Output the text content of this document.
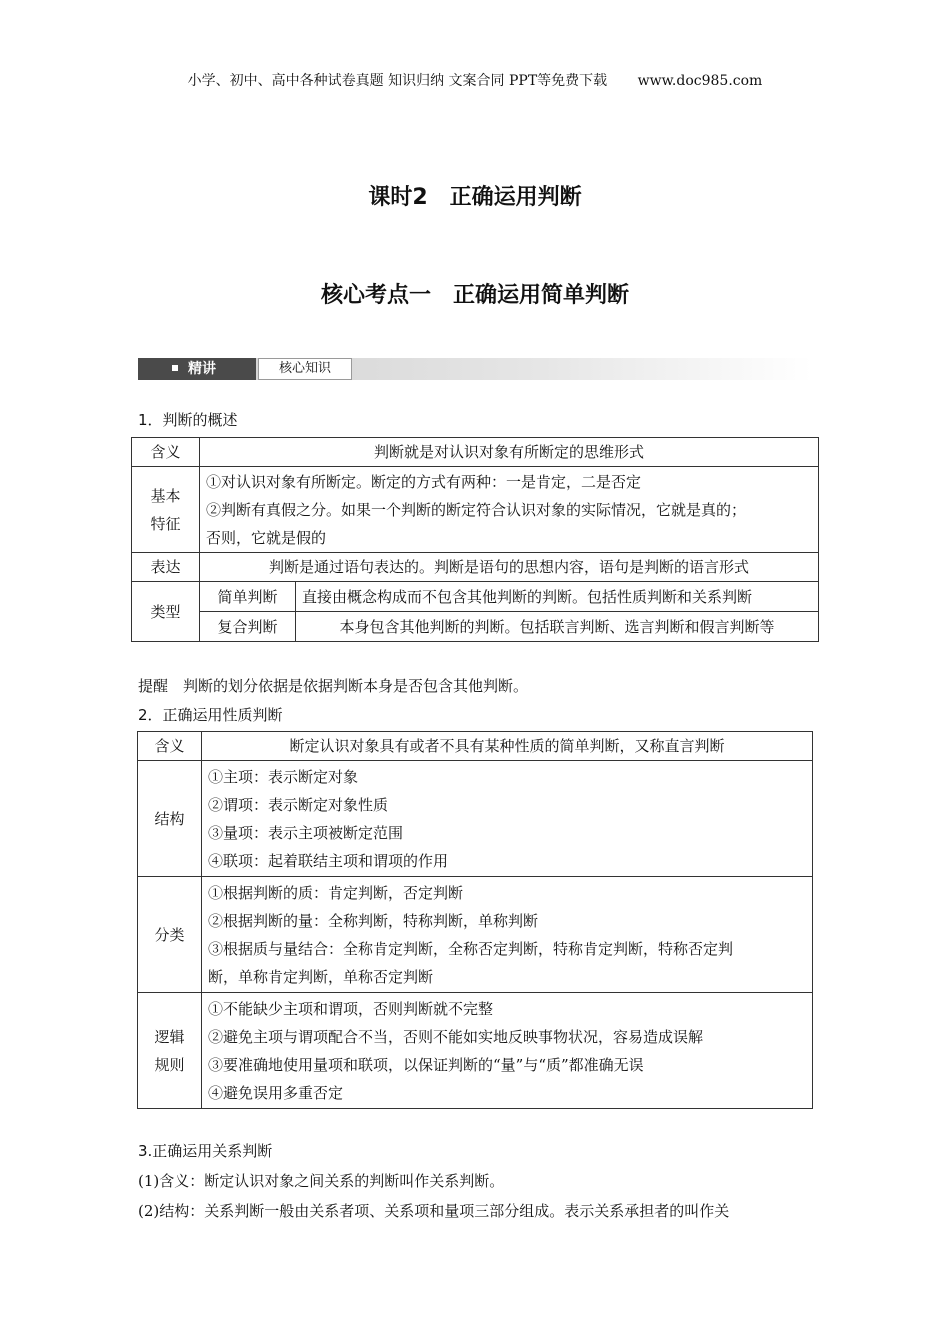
小学、初中、高中各种试卷真题 知识归纳 文案合同 PPT等免费下载 www.doc985.com
课时2　正确运用判断
核心考点一　正确运用简单判断
精讲	核心知识
1．判断的概述
含义	判断就是对认识对象有所断定的思维形式	

基本
特征	①对认识对象有所断定。断定的方式有两种：一是肯定，二是否定
②判断有真假之分。如果一个判断的断定符合认识对象的实际情况，它就是真的；
否则，它就是假的	

表达	判断是通过语句表达的。判断是语句的思想内容，语句是判断的语言形式	
类型	简单判断	直接由概念构成而不包含其他判断的判断。包括性质判断和关系判断
	复合判断	本身包含其他判断的判断。包括联言判断、选言判断和假言判断等
提醒　 判断的划分依据是依据判断本身是否包含其他判断。
2．正确运用性质判断
含义	断定认识对象具有或者不具有某种性质的简单判断，又称直言判断
结构	①主项：表示断定对象
②谓项：表示断定对象性质
③量项：表示主项被断定范围
④联项：起着联结主项和谓项的作用

分类	①根据判断的质：肯定判断，否定判断
②根据判断的量：全称判断，特称判断，单称判断
③根据质与量结合：全称肯定判断，全称否定判断，特称肯定判断，特称否定判
断，单称肯定判断，单称否定判断

逻辑
规则	①不能缺少主项和谓项，否则判断就不完整
②避免主项与谓项配合不当，否则不能如实地反映事物状况，容易造成误解
③要准确地使用量项和联项，以保证判断的“量”与“质”都准确无误
④避免误用多重否定
3.正确运用关系判断
(1)含义：断定认识对象之间关系的判断叫作关系判断。
(2)结构：关系判断一般由关系者项、关系项和量项三部分组成。表示关系承担者的叫作关
